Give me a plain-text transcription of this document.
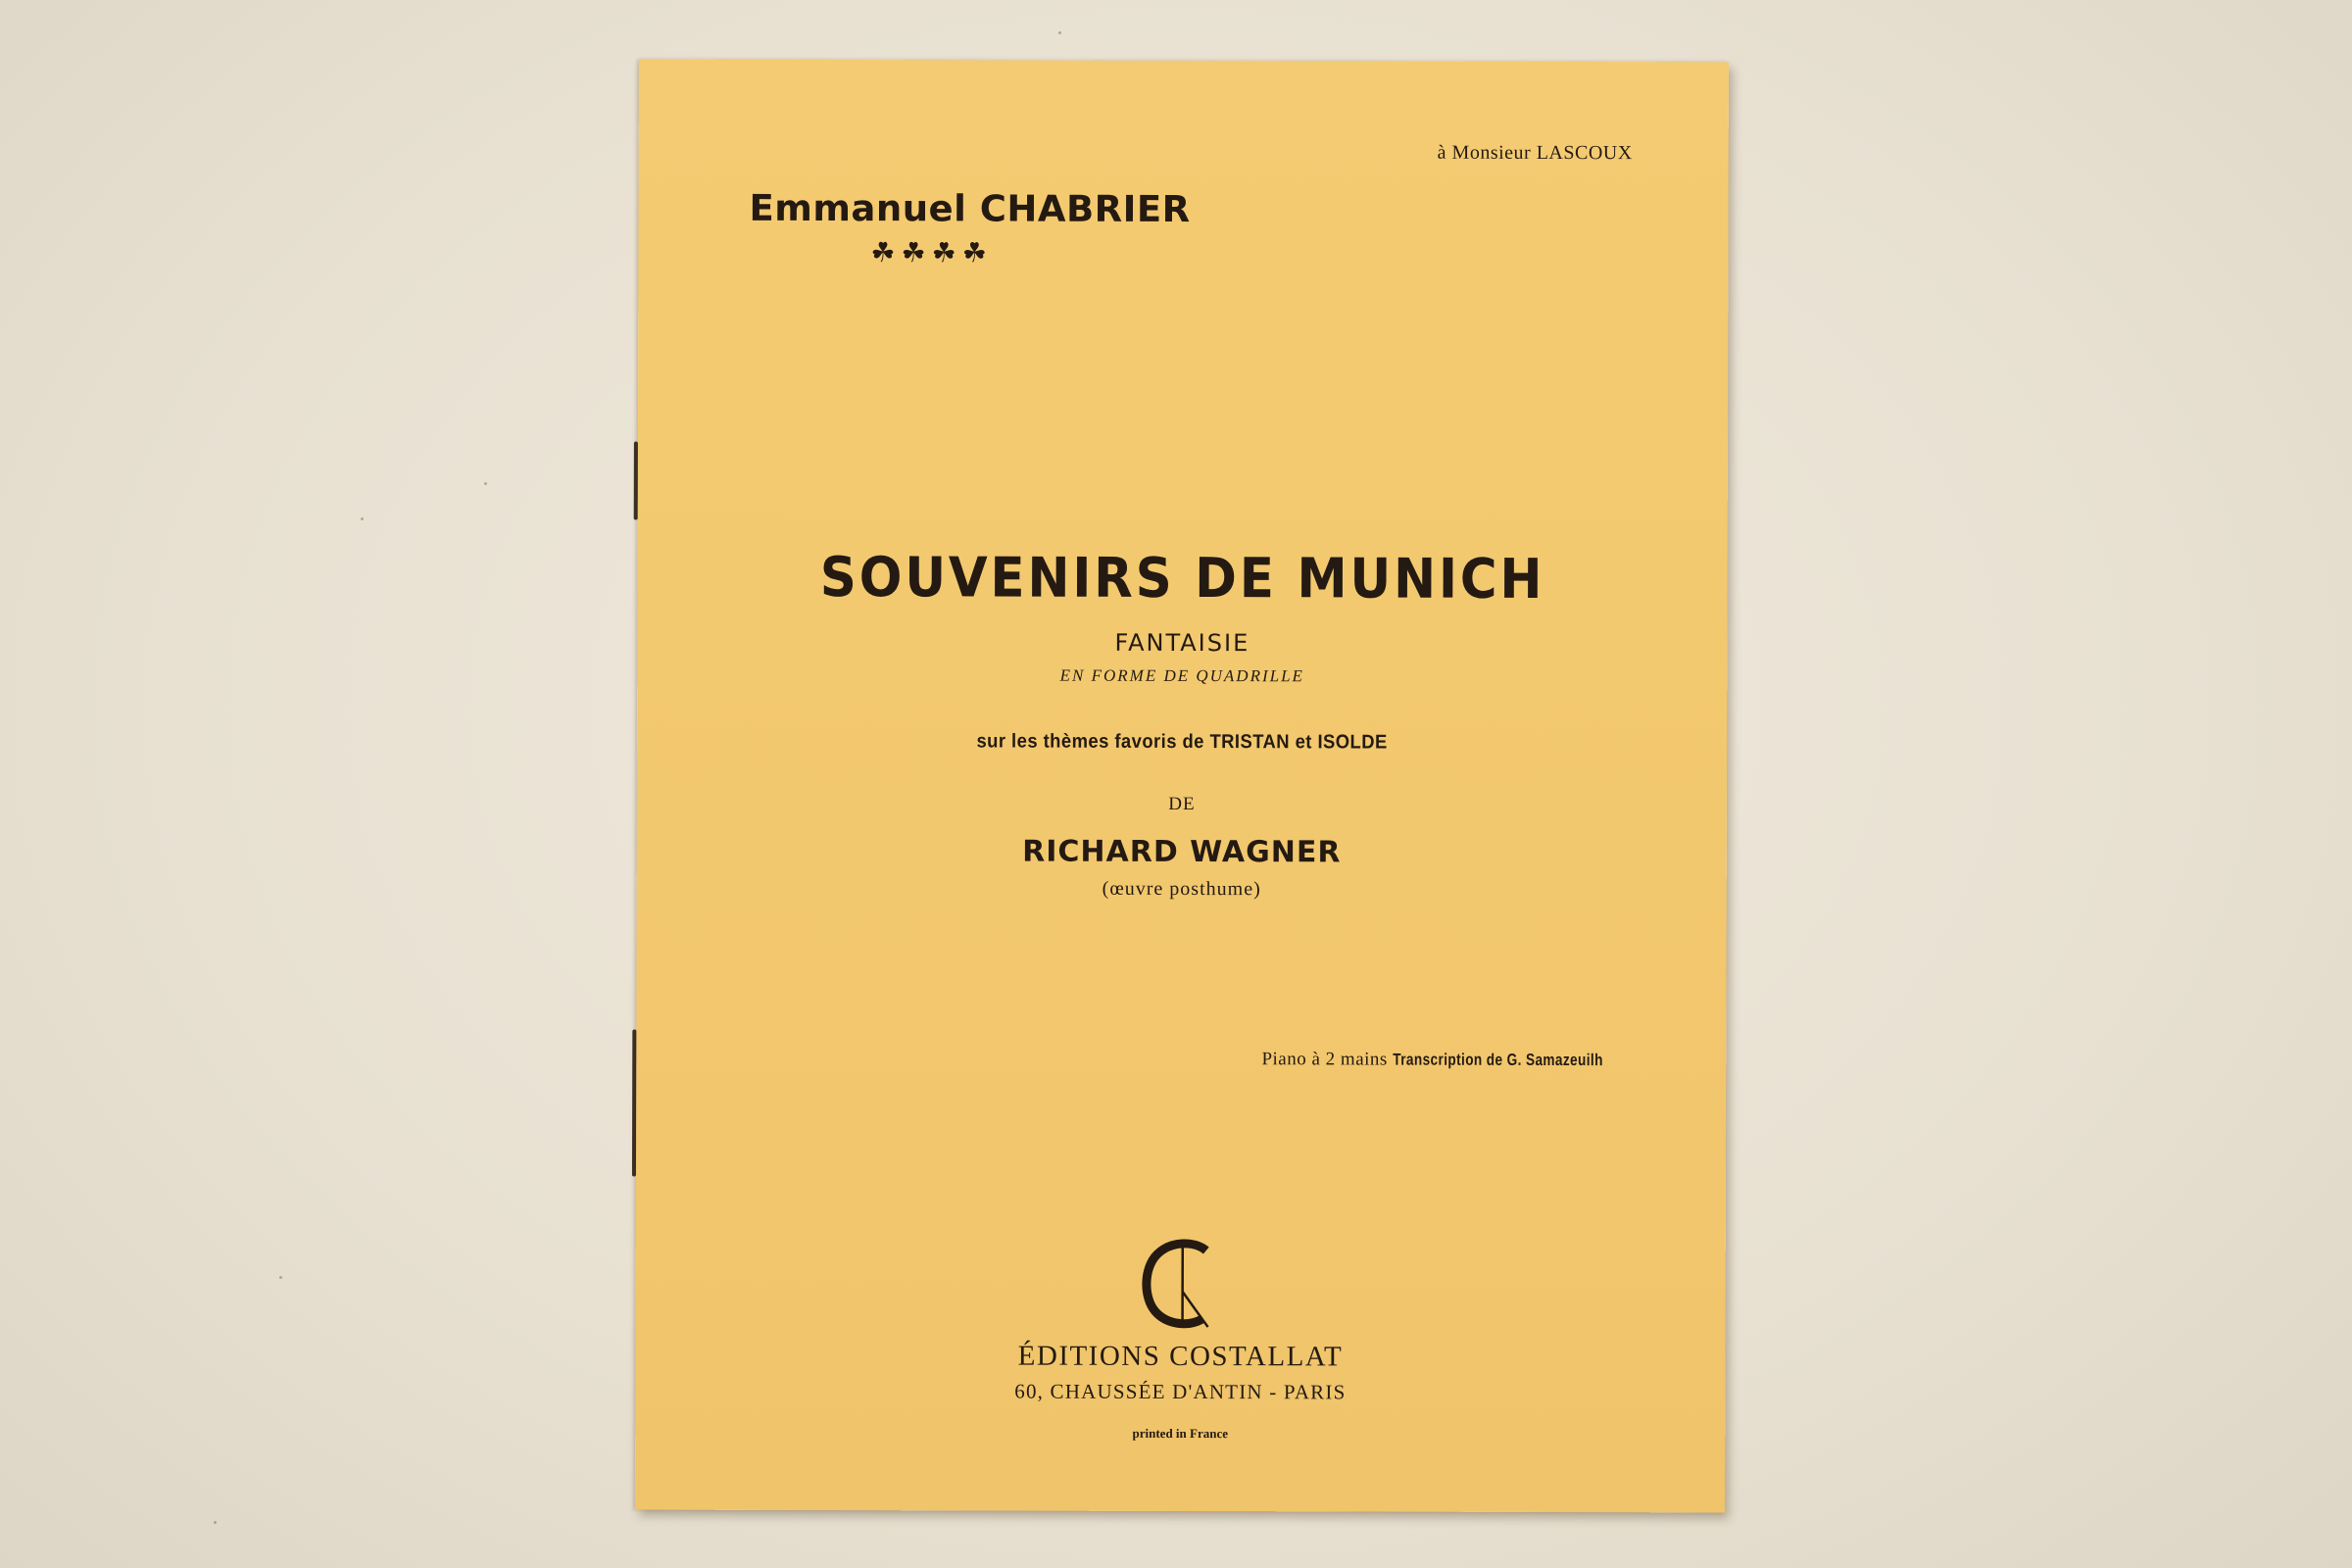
à Monsieur LASCOUX
Emmanuel CHABRIER
☘☘☘☘
SOUVENIRS DE MUNICH
FANTAISIE
EN FORME DE QUADRILLE
sur les thèmes favoris de TRISTAN et ISOLDE
DE
RICHARD WAGNER
(œuvre posthume)
Piano à 2 mains Transcription de G. Samazeuilh
ÉDITIONS COSTALLAT
60, CHAUSSÉE D'ANTIN - PARIS
printed in France
